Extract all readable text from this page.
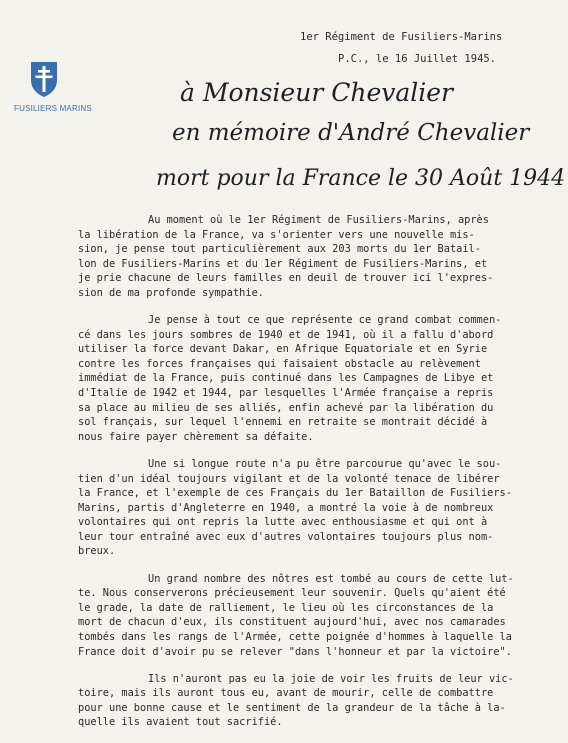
1er Régiment de Fusiliers-Marins
P.C., le 16 Juillet 1945.
FUSILIERS MARINS
à Monsieur Chevalier
en mémoire d'André Chevalier
mort pour la France le 30 Août 1944

Au moment où le 1er Régiment de Fusiliers-Marins, après
la libération de la France, va s'orienter vers une nouvelle mis-
sion, je pense tout particulièrement aux 203 morts du 1er Batail-
lon de Fusiliers-Marins et du 1er Régiment de Fusiliers-Marins, et
je prie chacune de leurs familles en deuil de trouver ici l'expres-
sion de ma profonde sympathie.

Je pense à tout ce que représente ce grand combat commen-
cé dans les jours sombres de 1940 et de 1941, où il a fallu d'abord
utiliser la force devant Dakar, en Afrique Equatoriale et en Syrie
contre les forces françaises qui faisaient obstacle au relèvement
immédiat de la France, puis continué dans les Campagnes de Libye et
d'Italie de 1942 et 1944, par lesquelles l'Armée française a repris
sa place au milieu de ses alliés, enfin achevé par la libération du
sol français, sur lequel l'ennemi en retraite se montrait décidé à
nous faire payer chèrement sa défaite.

Une si longue route n'a pu être parcourue qu'avec le sou-
tien d'un idéal toujours vigilant et de la volonté tenace de libérer
la France, et l'exemple de ces Français du 1er Bataillon de Fusiliers-
Marins, partis d'Angleterre en 1940, a montré la voie à de nombreux
volontaires qui ont repris la lutte avec enthousiasme et qui ont à
leur tour entraîné avec eux d'autres volontaires toujours plus nom-
breux.

Un grand nombre des nôtres est tombé au cours de cette lut-
te. Nous conserverons précieusement leur souvenir. Quels qu'aient été
le grade, la date de ralliement, le lieu où les circonstances de la
mort de chacun d'eux, ils constituent aujourd'hui, avec nos camarades
tombés dans les rangs de l'Armée, cette poignée d'hommes à laquelle la
France doit d'avoir pu se relever "dans l'honneur et par la victoire".

Ils n'auront pas eu la joie de voir les fruits de leur vic-
toire, mais ils auront tous eu, avant de mourir, celle de combattre
pour une bonne cause et le sentiment de la grandeur de la tâche à la-
quelle ils avaient tout sacrifié.
